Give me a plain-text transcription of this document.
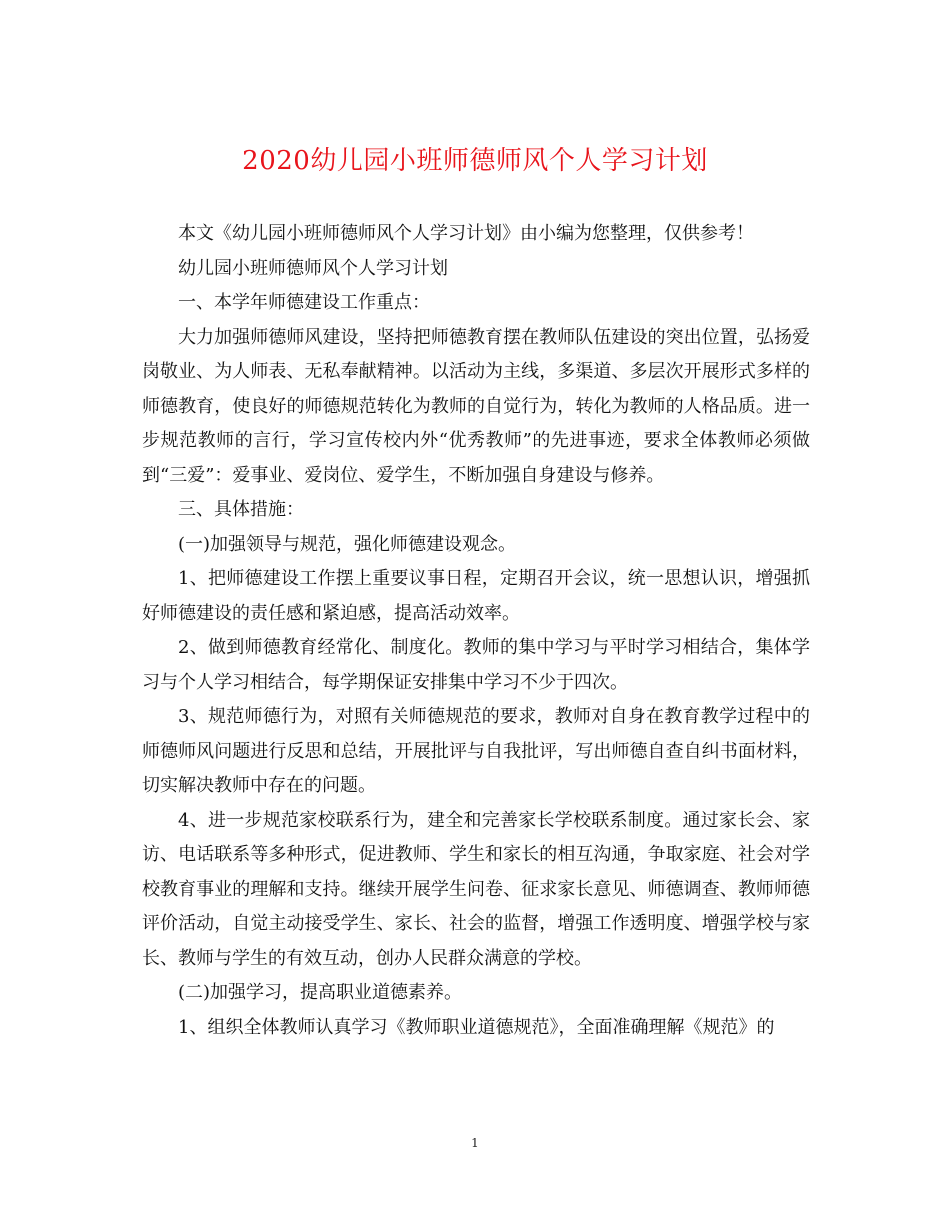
2020幼儿园小班师德师风个人学习计划

本文《幼儿园小班师德师风个人学习计划》由小编为您整理，仅供参考！

幼儿园小班师德师风个人学习计划

一、本学年师德建设工作重点：

大力加强师德师风建设，坚持把师德教育摆在教师队伍建设的突出位置，弘扬爱岗敬业、为人师表、无私奉献精神。以活动为主线，多渠道、多层次开展形式多样的师德教育，使良好的师德规范转化为教师的自觉行为，转化为教师的人格品质。进一步规范教师的言行，学习宣传校内外“优秀教师”的先进事迹，要求全体教师必须做到“三爱”：爱事业、爱岗位、爱学生，不断加强自身建设与修养。

三、具体措施：

(一)加强领导与规范，强化师德建设观念。

1、把师德建设工作摆上重要议事日程，定期召开会议，统一思想认识，增强抓好师德建设的责任感和紧迫感，提高活动效率。

2、做到师德教育经常化、制度化。教师的集中学习与平时学习相结合，集体学习与个人学习相结合，每学期保证安排集中学习不少于四次。

3、规范师德行为，对照有关师德规范的要求，教师对自身在教育教学过程中的师德师风问题进行反思和总结，开展批评与自我批评，写出师德自查自纠书面材料，切实解决教师中存在的问题。

4、进一步规范家校联系行为，建全和完善家长学校联系制度。通过家长会、家访、电话联系等多种形式，促进教师、学生和家长的相互沟通，争取家庭、社会对学校教育事业的理解和支持。继续开展学生问卷、征求家长意见、师德调查、教师师德评价活动，自觉主动接受学生、家长、社会的监督，增强工作透明度、增强学校与家长、教师与学生的有效互动，创办人民群众满意的学校。

(二)加强学习，提高职业道德素养。

1、组织全体教师认真学习《教师职业道德规范》，全面准确理解《规范》的

1
